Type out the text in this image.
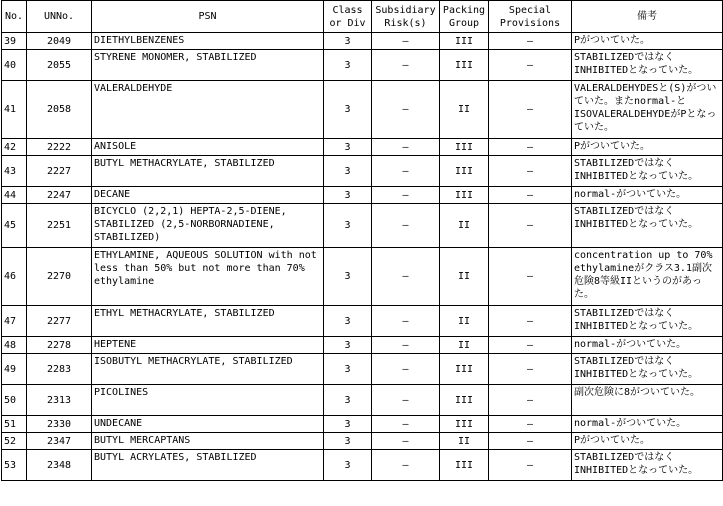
No.	UNNo.	PSN	Class or Div	Subsidiary Risk(s)	Packing Group	Special Provisions	備考
39	2049	DIETHYLBENZENES	3	—	III	—	Pがついていた。
40	2055	STYRENE MONOMER, STABILIZED	3	—	III	—	STABILIZEDではなくINHIBITEDとなっていた。
41	2058	VALERALDEHYDE	3	—	II	—	VALERALDEHYDESと(S)がついていた。またnormal-とISOVALERALDEHYDEがPとなっていた。
42	2222	ANISOLE	3	—	III	—	Pがついていた。
43	2227	BUTYL METHACRYLATE, STABILIZED	3	—	III	—	STABILIZEDではなくINHIBITEDとなっていた。
44	2247	DECANE	3	—	III	—	normal-がついていた。
45	2251	BICYCLO (2,2,1) HEPTA-2,5-DIENE, STABILIZED (2,5-NORBORNADIENE, STABILIZED)	3	—	II	—	STABILIZEDではなくINHIBITEDとなっていた。
46	2270	ETHYLAMINE, AQUEOUS SOLUTION with not less than 50% but not more than 70% ethylamine	3	—	II	—	concentration up to 70% ethylamineがクラス3.1副次危険8等級IIというのがあった。
47	2277	ETHYL METHACRYLATE, STABILIZED	3	—	II	—	STABILIZEDではなくINHIBITEDとなっていた。
48	2278	HEPTENE	3	—	II	—	normal-がついていた。
49	2283	ISOBUTYL METHACRYLATE, STABILIZED	3	—	III	—	STABILIZEDではなくINHIBITEDとなっていた。
50	2313	PICOLINES	3	—	III	—	副次危険に8がついていた。
51	2330	UNDECANE	3	—	III	—	normal-がついていた。
52	2347	BUTYL MERCAPTANS	3	—	II	—	Pがついていた。
53	2348	BUTYL ACRYLATES, STABILIZED	3	—	III	—	STABILIZEDではなくINHIBITEDとなっていた。
